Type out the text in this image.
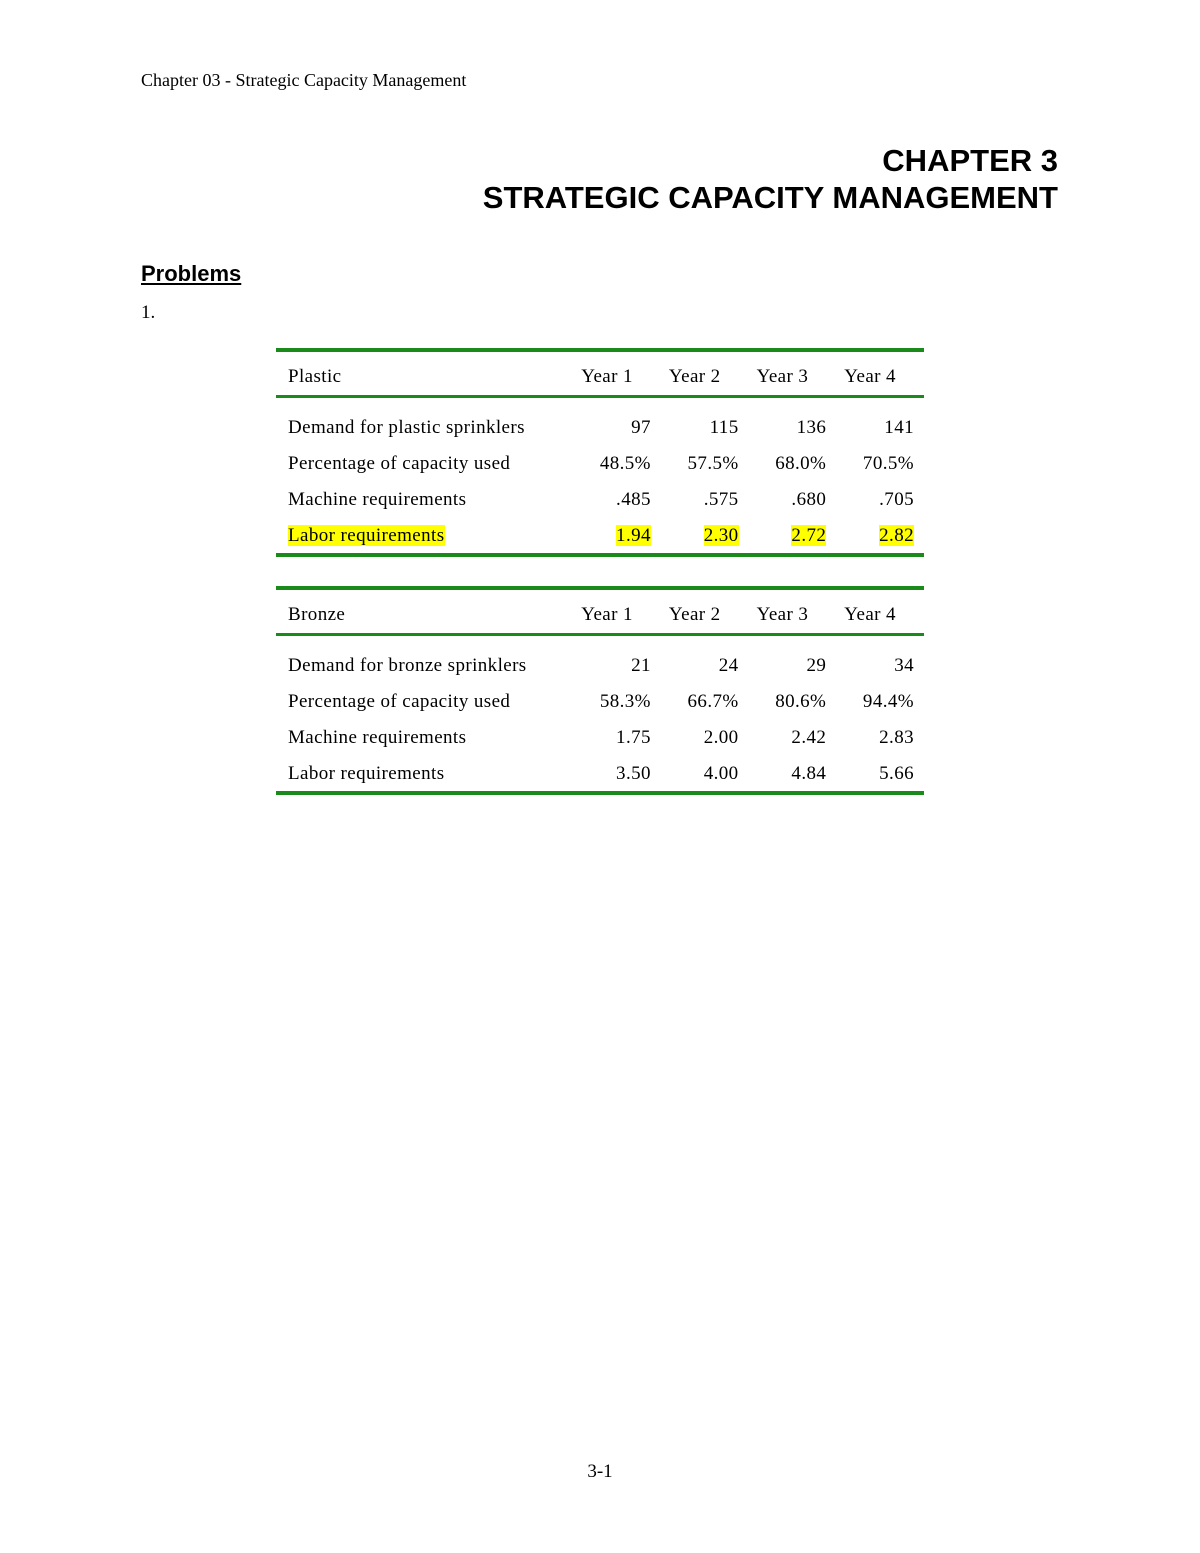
Chapter 03 - Strategic Capacity Management
CHAPTER 3
STRATEGIC CAPACITY MANAGEMENT
Problems
1.
Plastic	Year 1	Year 2	Year 3	Year 4
Demand for plastic sprinklers	97	115	136	141
Percentage of capacity used	48.5%	57.5%	68.0%	70.5%
Machine requirements	.485	.575	.680	.705
Labor requirements	1.94	2.30	2.72	2.82
Bronze	Year 1	Year 2	Year 3	Year 4
Demand for bronze sprinklers	21	24	29	34
Percentage of capacity used	58.3%	66.7%	80.6%	94.4%
Machine requirements	1.75	2.00	2.42	2.83
Labor requirements	3.50	4.00	4.84	5.66
3-1
